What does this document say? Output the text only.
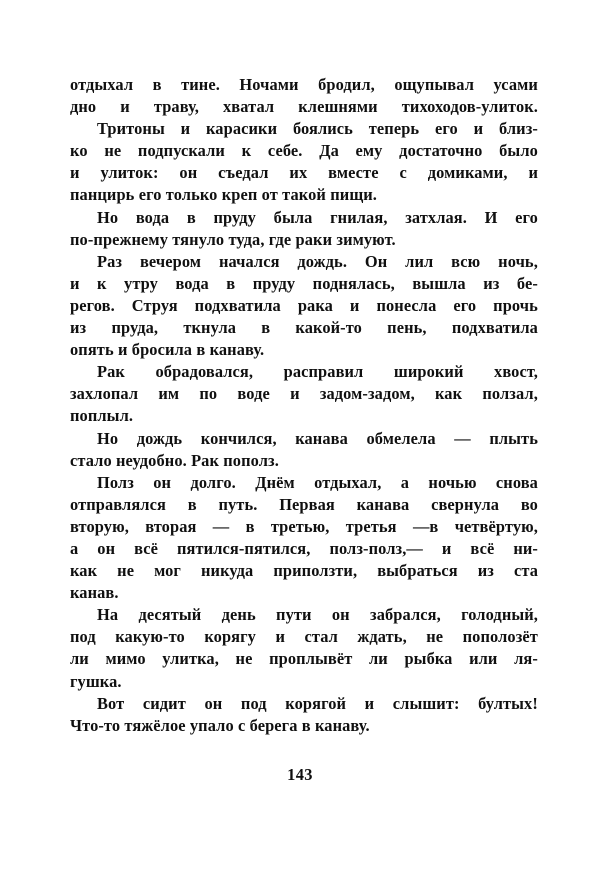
отдыхал в тине. Ночами бродил, ощупывал усами
дно и траву, хватал клешнями тихоходов-улиток.
Тритоны и карасики боялись теперь его и близ-
ко не подпускали к себе. Да ему достаточно было
и улиток: он съедал их вместе с домиками, и
панцирь его только креп от такой пищи.
Но вода в пруду была гнилая, затхлая. И его
по-прежнему тянуло туда, где раки зимуют.
Раз вечером начался дождь. Он лил всю ночь,
и к утру вода в пруду поднялась, вышла из бе-
регов. Струя подхватила рака и понесла его прочь
из пруда, ткнула в какой-то пень, подхватила
опять и бросила в канаву.
Рак обрадовался, расправил широкий хвост,
захлопал им по воде и задом-задом, как ползал,
поплыл.
Но дождь кончился, канава обмелела — плыть
стало неудобно. Рак пополз.
Полз он долго. Днём отдыхал, а ночью снова
отправлялся в путь. Первая канава свернула во
вторую, вторая — в третью, третья —в четвёртую,
а он всё пятился-пятился, полз-полз,— и всё ни-
как не мог никуда приползти, выбраться из ста
канав.
На десятый день пути он забрался, голодный,
под какую-то корягу и стал ждать, не пополозёт
ли мимо улитка, не проплывёт ли рыбка или ля-
гушка.
Вот сидит он под корягой и слышит: бултых!
Что-то тяжёлое упало с берега в канаву.
143
